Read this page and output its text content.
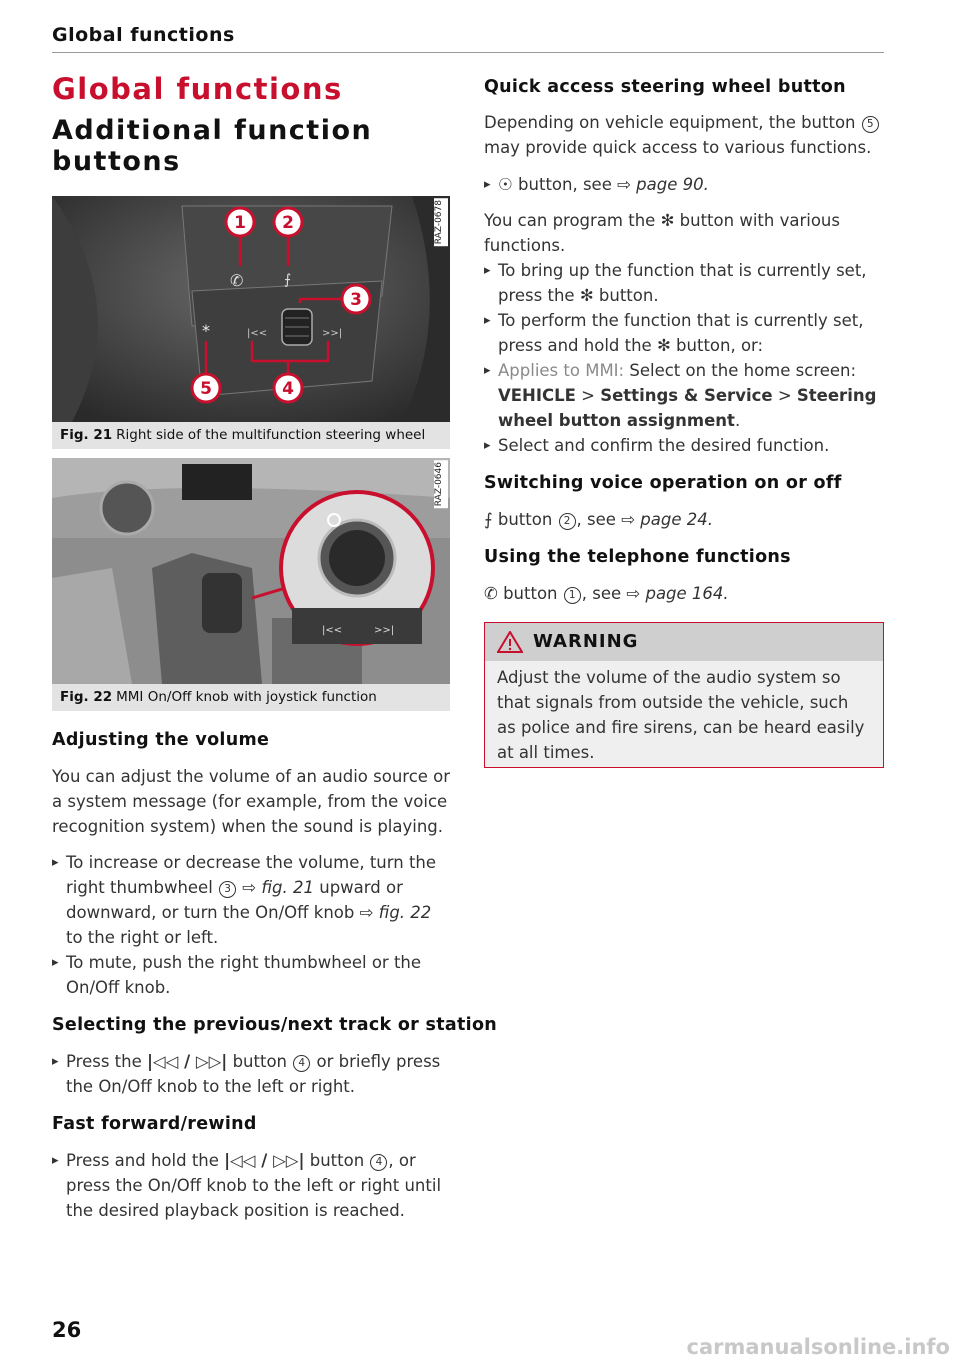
Global functions
Global functions
Additional function buttons
✆	⨍
*	|<<	>>|
1 2
3
5	4
RAZ-0678
Fig. 21 Right side of the multifunction steering wheel
|<<	>>|
RAZ-0646
Fig. 22 MMI On/Off knob with joystick function
Adjusting the volume

You can adjust the volume of an audio source or a system message (for example, from the voice recognition system) when the sound is playing.

▸ To increase or decrease the volume, turn the right thumbwheel 3 ⇨ fig. 21 upward or downward, or turn the On/Off knob ⇨ fig. 22 to the right or left.
▸ To mute, push the right thumbwheel or the On/Off knob.
Selecting the previous/next track or station
▸ Press the |◁◁ / ▷▷| button 4 or briefly press the On/Off knob to the left or right.
Fast forward/rewind
▸ Press and hold the |◁◁ / ▷▷| button 4 , or press the On/Off knob to the left or right until the desired playback position is reached.
Quick access steering wheel button

Depending on vehicle equipment, the button 5 may provide quick access to various functions.

▸ ☉ button, see ⇨ page 90.

You can program the ✻ button with various functions.

▸ To bring up the function that is currently set, press the ✻ button.
▸ To perform the function that is currently set, press and hold the ✻ button, or:
▸ Applies to MMI: Select on the home screen: VEHICLE > Settings & Service > Steering wheel button assignment.
▸ Select and confirm the desired function.
Switching voice operation on or off

⨍ button 2 , see ⇨ page 24.

Using the telephone functions

✆ button 1 , see ⇨ page 164.

WARNING
Adjust the volume of the audio system so that signals from outside the vehicle, such as police and fire sirens, can be heard easily at all times.
26
carmanualsonline.info
